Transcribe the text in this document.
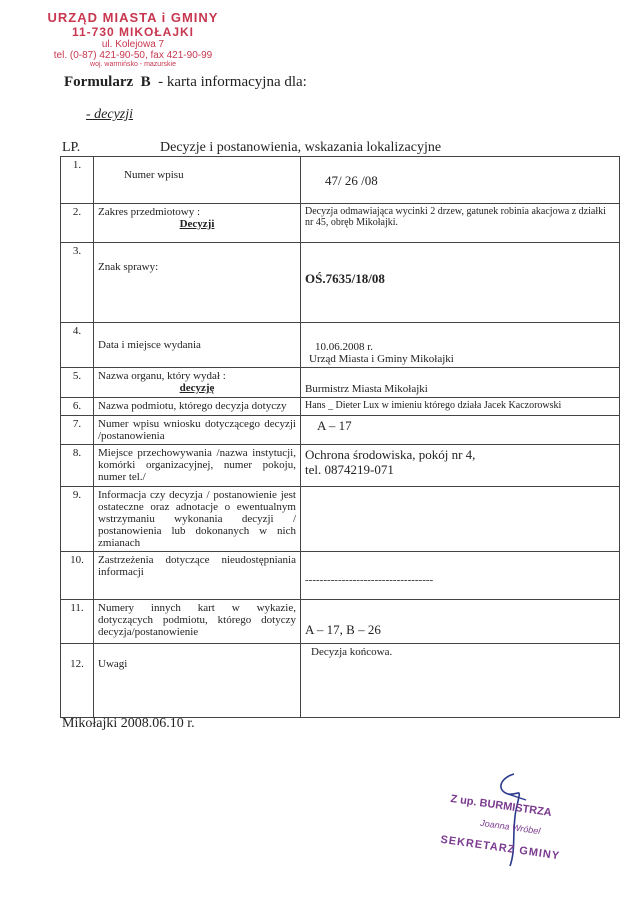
URZĄD MIASTA i GMINY
11-730 MIKOŁAJKI
ul. Kolejowa 7
tel. (0-87) 421-90-50, fax 421-90-99
woj. warmińsko - mazurskie
Formularz B - karta informacyjna dla:
- decyzji
LP.	Decyzje i postanowienia, wskazania lokalizacyjne
1.	Numer wpisu	47/ 26 /08

2.	Zakres przedmiotowy :
Decyzji	Decyzja odmawiająca wycinki 2 drzew, gatunek robinia akacjowa z działki nr 45, obręb Mikołajki.

3.	Znak sprawy:	OŚ.7635/18/08

4.	Data i miejsce wydania	10.06.2008 r.
Urząd Miasta i Gminy Mikołajki

5.	Nazwa organu, który wydał :
decyzję	Burmistrz Miasta Mikołajki

6.	Nazwa podmiotu, którego decyzja dotyczy	Hans _ Dieter Lux w imieniu którego działa Jacek Kaczorowski

7.	Numer wpisu wniosku dotyczącego decyzji /postanowienia	A – 17

8.	Miejsce przechowywania /nazwa instytucji, komórki organizacyjnej, numer pokoju, numer tel./	Ochrona środowiska, pokój nr 4,
tel. 0874219-071

9.	Informacja czy decyzja / postanowienie jest ostateczne oraz adnotacje o ewentualnym wstrzymaniu wykonania decyzji / postanowienia lub dokonanych w nich zmianach	

10.	Zastrzeżenia dotyczące nieudostępniania informacji	-----------------------------------

11.	Numery innych kart w wykazie, dotyczących podmiotu, którego dotyczy decyzja/postanowienie	A – 17, B – 26

12.	Uwagi	Decyzja końcowa.
Mikołajki 2008.06.10 r.
Z up. BURMISTRZA
Joanna Wróbel
SEKRETARZ GMINY
